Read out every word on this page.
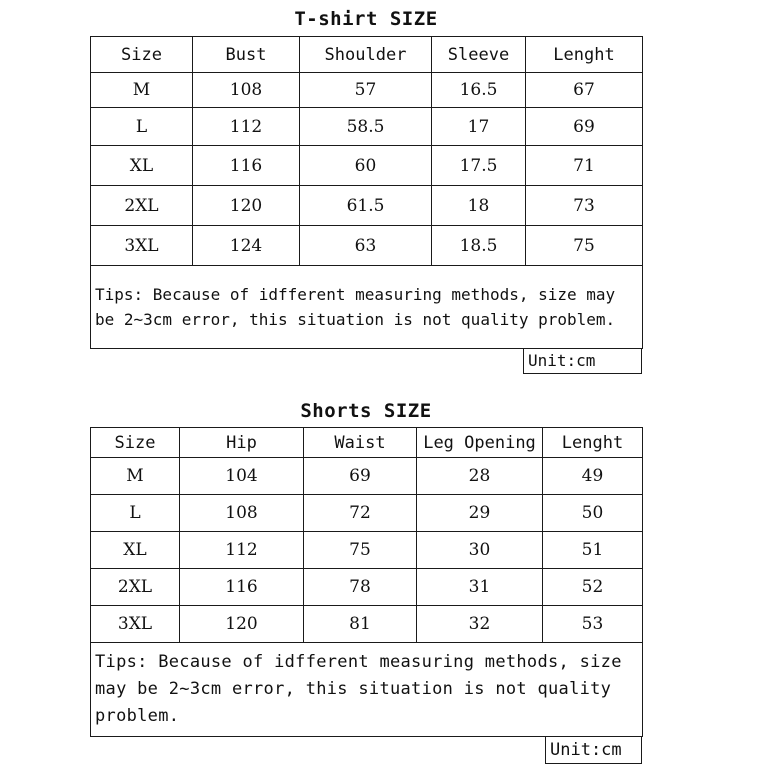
T-shirt SIZE
Size	Bust	Shoulder	Sleeve	Lenght
M	108	57	16.5	67
L	112	58.5	17	69
XL	116	60	17.5	71
2XL	120	61.5	18	73
3XL	124	63	18.5	75
Tips: Because of idfferent measuring methods, size may be 2~3cm error, this situation is not quality problem.				
Unit:cm
Shorts SIZE
Size	Hip	Waist	Leg Opening	Lenght
M	104	69	28	49
L	108	72	29	50
XL	112	75	30	51
2XL	116	78	31	52
3XL	120	81	32	53
Tips: Because of idfferent measuring methods, size may be 2~3cm error, this situation is not quality problem.				
Unit:cm
